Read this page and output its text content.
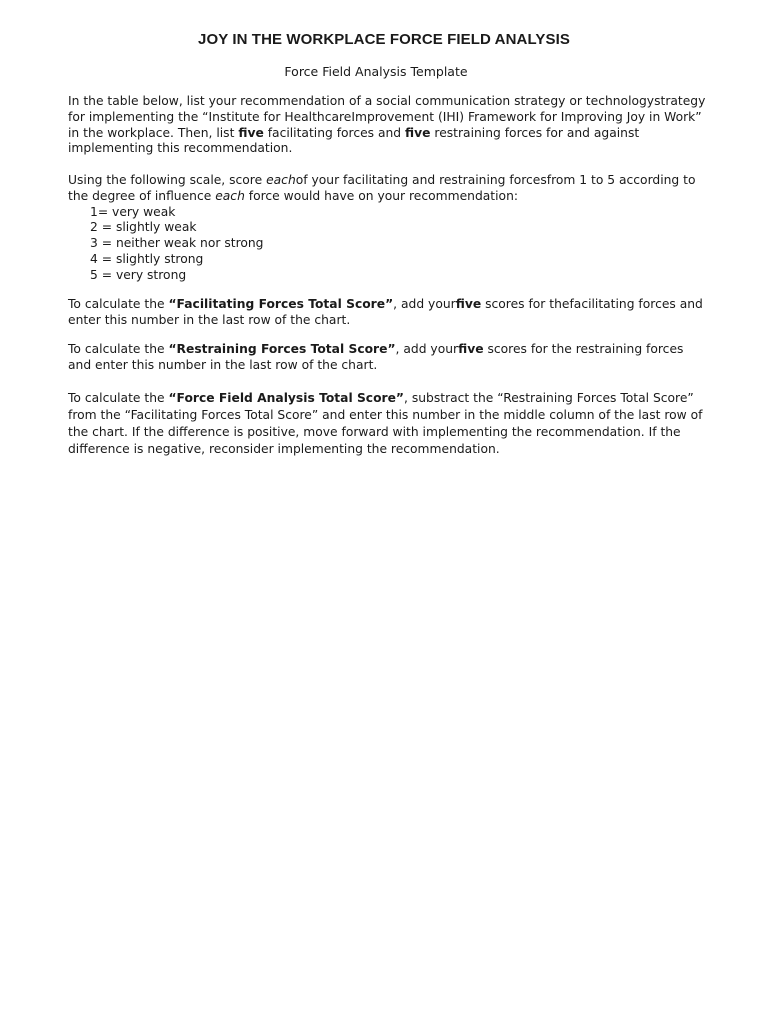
JOY IN THE WORKPLACE FORCE FIELD ANALYSIS
Force Field Analysis Template

In the table below, list your recommendation of a social communication strategy or technologystrategy for implementing the “Institute for HealthcareImprovement (IHI) Framework for Improving Joy in Work” in the workplace. Then, list five facilitating forces and five restraining forces for and against implementing this recommendation.

Using the following scale, score eachof your facilitating and restraining forcesfrom 1 to 5 according to the degree of influence each force would have on your recommendation:

1= very weak
2 = slightly weak
3 = neither weak nor strong
4 = slightly strong
5 = very strong

To calculate the “Facilitating Forces Total Score”, add yourfive scores for thefacilitating forces and enter this number in the last row of the chart.

To calculate the “Restraining Forces Total Score”, add yourfive scores for the restraining forces and enter this number in the last row of the chart.

To calculate the “Force Field Analysis Total Score”, substract the “Restraining Forces Total Score” from the “Facilitating Forces Total Score” and enter this number in the middle column of the last row of the chart. If the difference is positive, move forward with implementing the recommendation. If the difference is negative, reconsider implementing the recommendation.
